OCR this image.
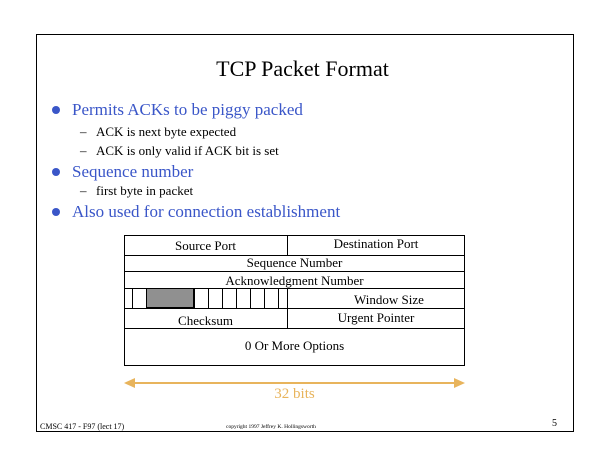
TCP Packet Format
Permits ACKs to be piggy packed
– ACK is next byte expected
– ACK is only valid if ACK bit is set
Sequence number
– first byte in packet
Also used for connection establishment
Source Port	Destination Port
Sequence Number
Acknowledgment Number
Window Size
Checksum	Urgent Pointer
0 Or More Options
32 bits
CMSC 417 - F97 (lect 17)	copyright 1997 Jeffrey K. Hollingsworth	5
